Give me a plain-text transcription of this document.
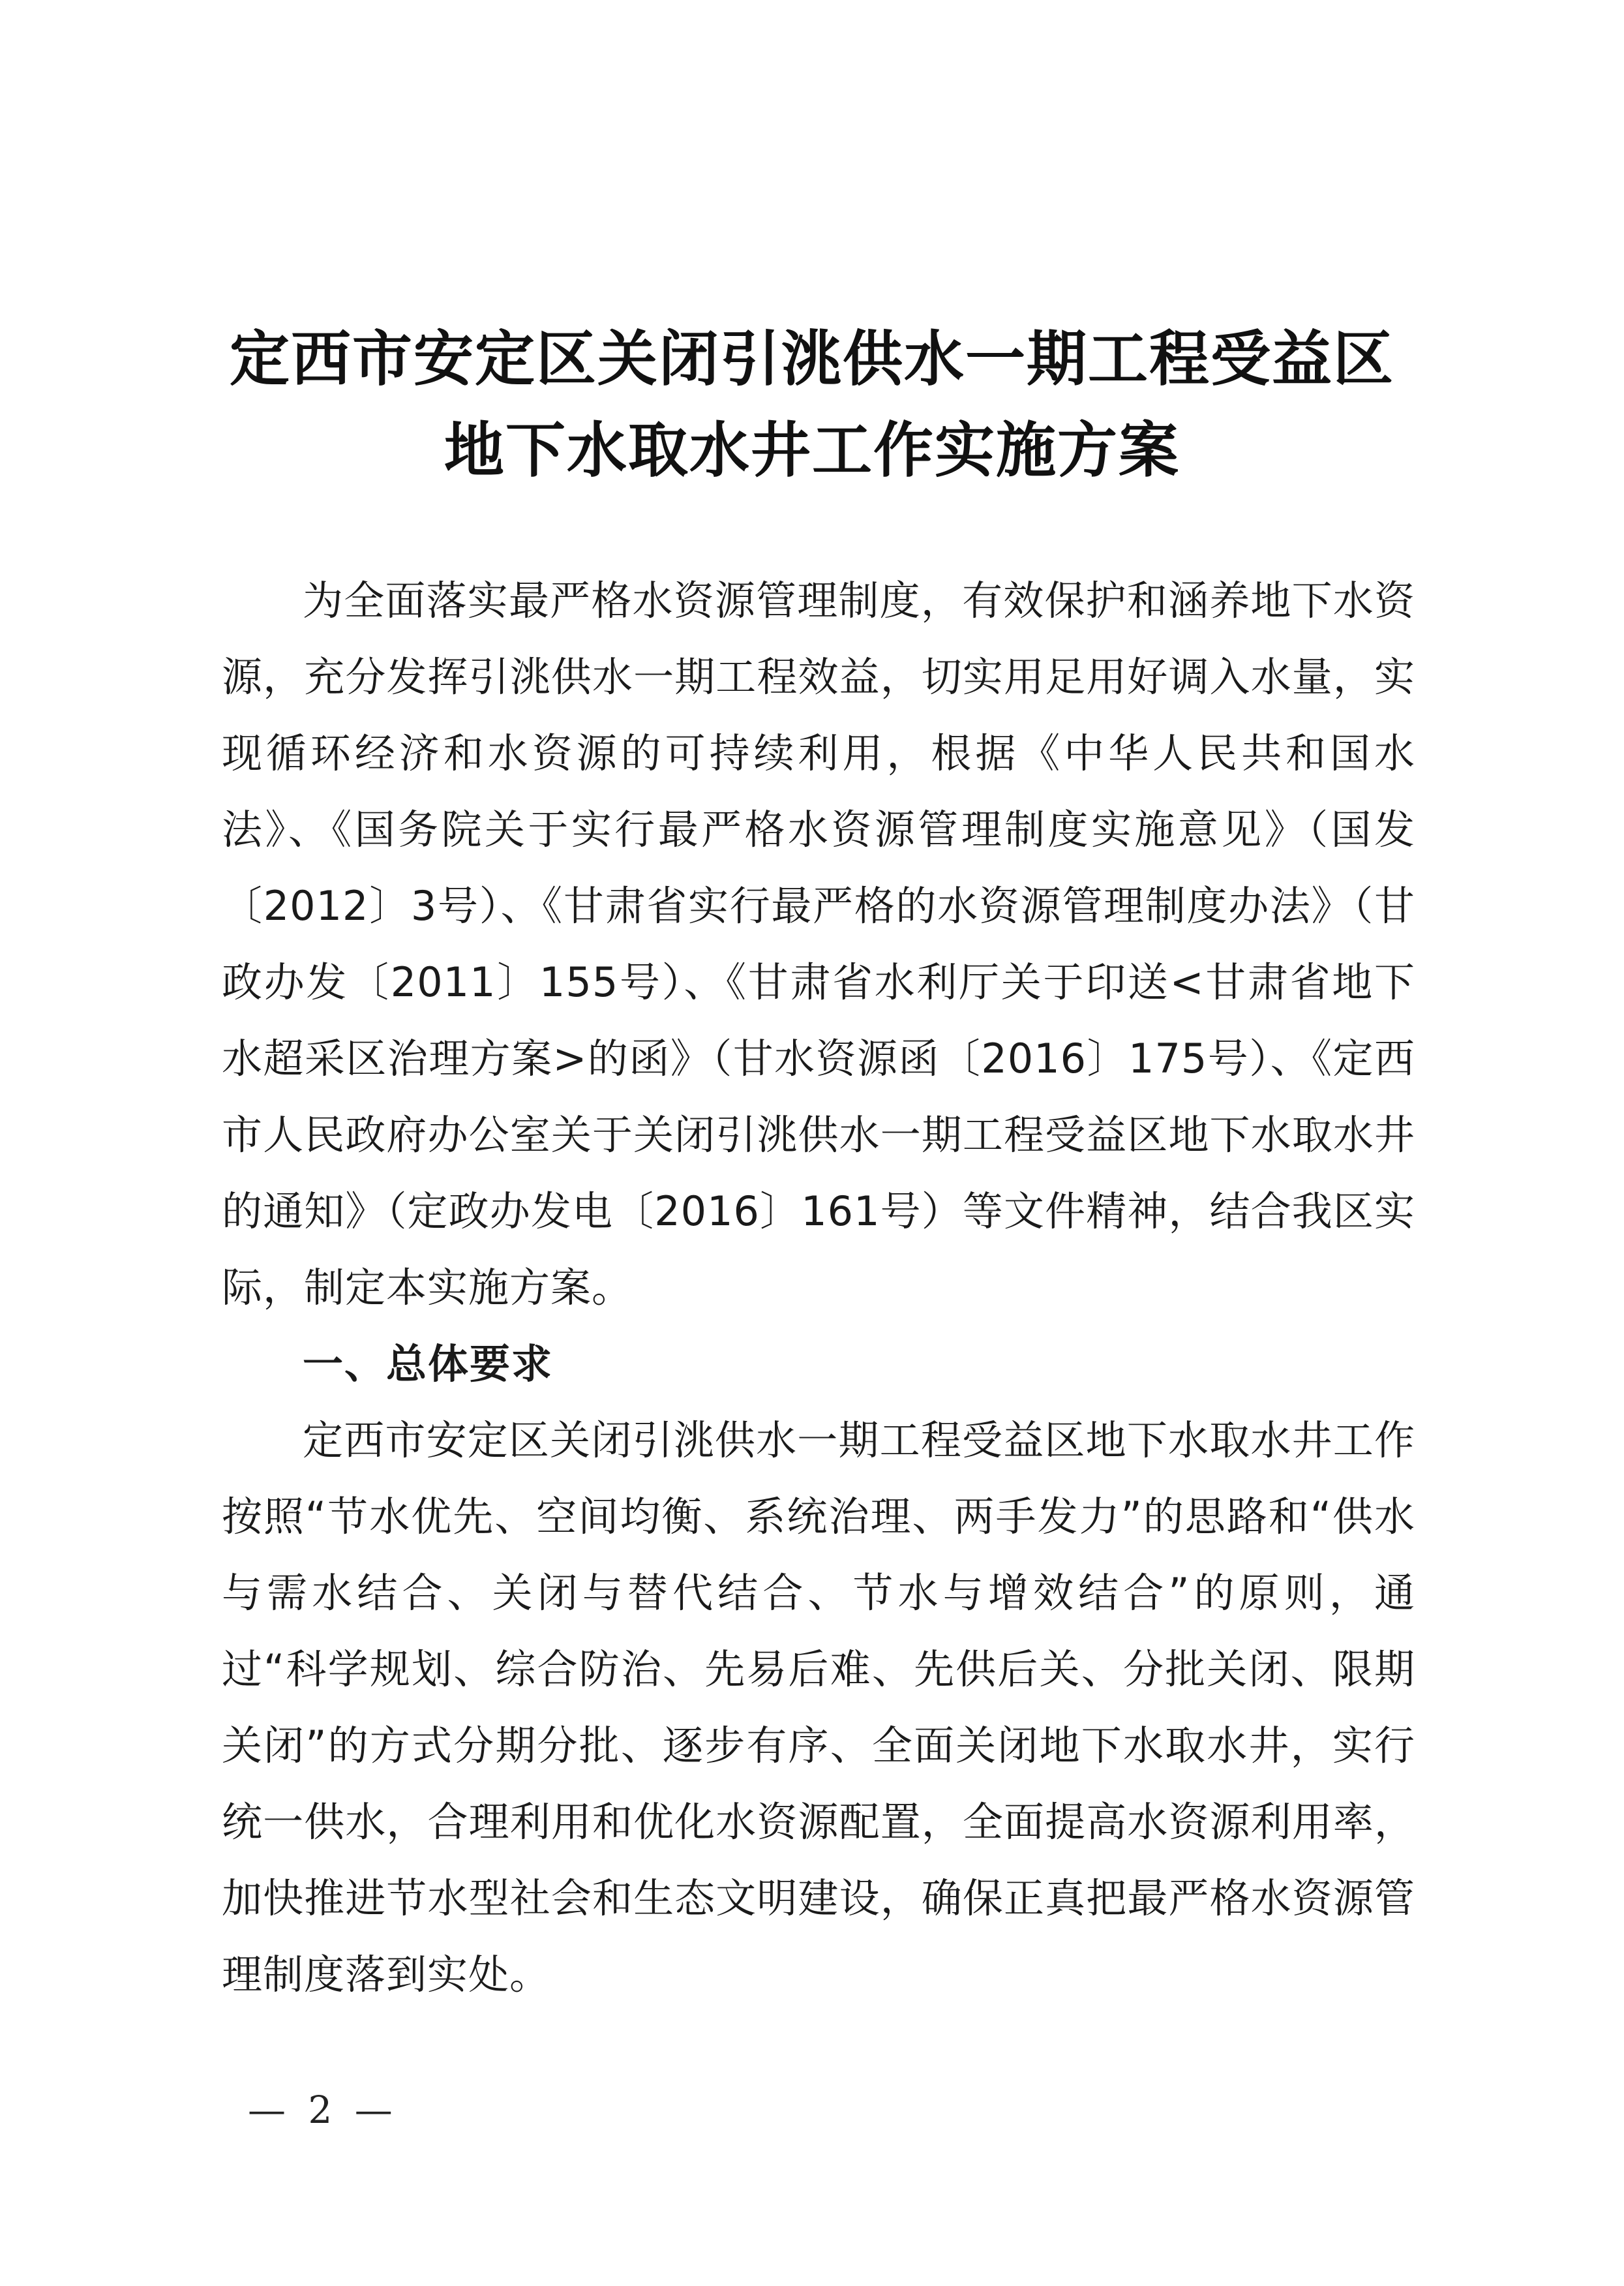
定西市安定区关闭引洮供水一期工程受益区
地下水取水井工作实施方案

为全面落实最严格水资源管理制度，有效保护和涵养地下水资源，充分发挥引洮供水一期工程效益，切实用足用好调入水量，实现循环经济和水资源的可持续利用，根据《中华人民共和国水法》、《国务院关于实行最严格水资源管理制度实施意见》（国发〔2012〕3号）、《甘肃省实行最严格的水资源管理制度办法》（甘政办发〔2011〕155号）、《甘肃省水利厅关于印送<甘肃省地下水超采区治理方案>的函》（甘水资源函〔2016〕175号）、《定西市人民政府办公室关于关闭引洮供水一期工程受益区地下水取水井的通知》（定政办发电〔2016〕161号）等文件精神，结合我区实际，制定本实施方案。

一、总体要求

定西市安定区关闭引洮供水一期工程受益区地下水取水井工作按照“节水优先、空间均衡、系统治理、两手发力”的思路和“供水与需水结合、关闭与替代结合、节水与增效结合”的原则，通过“科学规划、综合防治、先易后难、先供后关、分批关闭、限期关闭”的方式分期分批、逐步有序、全面关闭地下水取水井，实行统一供水，合理利用和优化水资源配置，全面提高水资源利用率，加快推进节水型社会和生态文明建设，确保正真把最严格水资源管理制度落到实处。

— 2 —
